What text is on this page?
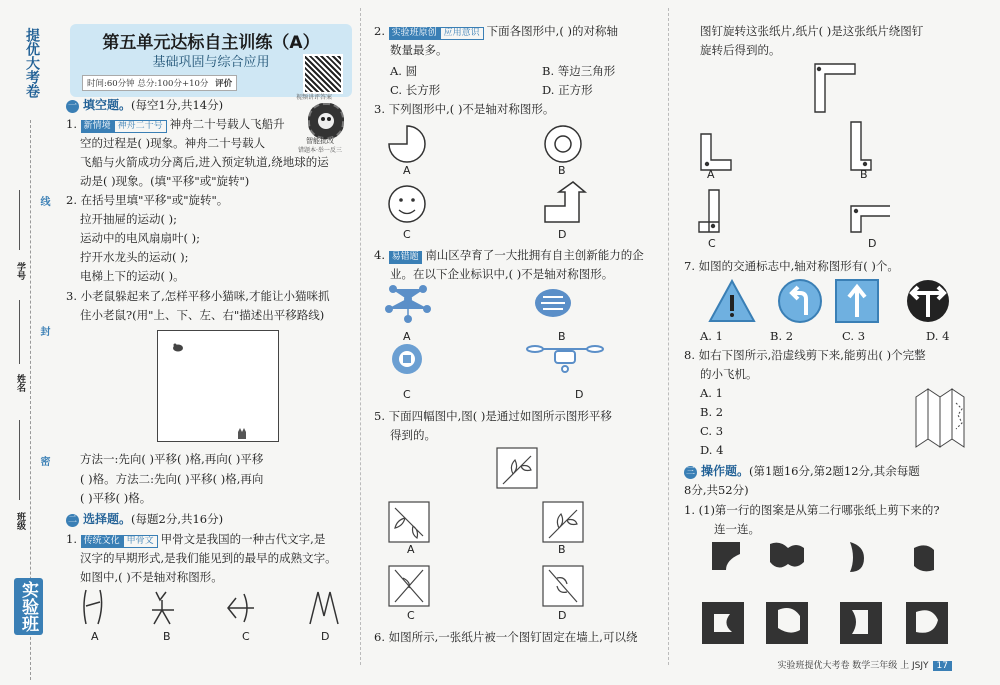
提优大考卷
线
封
密
学号
姓名
班级
实验班
第五单元达标自主训练（A）
基础巩固与综合应用
时间:60分钟 总分:100分+10分 评价
视频讲评答案
智能批改
错题本·举一反三
一 填空题。(每空1分,共14分)
1. 新情境 神舟二十号 神舟二十号载人飞船升
空的过程是( )现象。神舟二十号载人
飞船与火箭成功分离后,进入预定轨道,绕地球的运
动是( )现象。(填"平移"或"旋转")
2. 在括号里填"平移"或"旋转"。
拉开抽屉的运动( );
运动中的电风扇扇叶( );
拧开水龙头的运动( );
电梯上下的运动( )。
3. 小老鼠躲起来了,怎样平移小猫咪,才能让小猫咪抓
住小老鼠?(用"上、下、左、右"描述出平移路线)
方法一:先向( )平移( )格,再向( )平移
( )格。方法二:先向( )平移( )格,再向
( )平移( )格。
二 选择题。(每题2分,共16分)
1. 传统文化 甲骨文 甲骨文是我国的一种古代文字,是
汉字的早期形式,是我们能见到的最早的成熟文字。
如图中,( )不是轴对称图形。
A	B	C	D
2. 实验班原创 应用意识 下面各图形中,( )的对称轴
数量最多。
A. 圆	B. 等边三角形
C. 长方形	D. 正方形
3. 下列图形中,( )不是轴对称图形。
A	B
C	D
4. 易错题 南山区孕育了一大批拥有自主创新能力的企
业。在以下企业标识中,( )不是轴对称图形。
A	B
C	D
5. 下面四幅图中,图( )是通过如图所示图形平移
得到的。
A	B
C	D
6. 如图所示,一张纸片被一个图钉固定在墙上,可以绕
图钉旋转这张纸片,纸片( )是这张纸片绕图钉
旋转后得到的。
A	B
C	D
7. 如图的交通标志中,轴对称图形有( )个。
A. 1	B. 2	C. 3	D. 4
8. 如右下图所示,沿虚线剪下来,能剪出( )个完整
的小飞机。
A. 1
B. 2
C. 3
D. 4
三 操作题。(第1题16分,第2题12分,其余每题
8分,共52分)
1. (1)第一行的图案是从第二行哪张纸上剪下来的?
连一连。
实验班提优大考卷 数学三年级 上 JSJY 17
